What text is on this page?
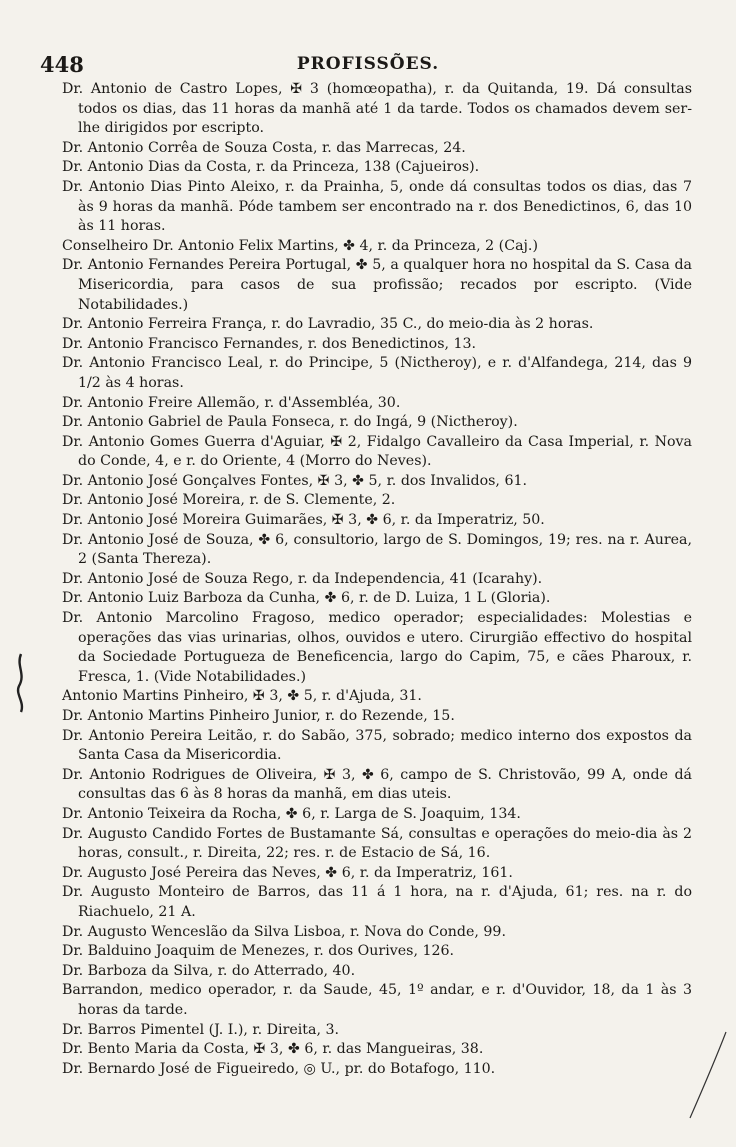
448	PROFISSÕES.

Dr. Antonio de Castro Lopes, ✠ 3 (homœopatha), r. da Quitanda, 19. Dá consultas todos os dias, das 11 horas da manhã até 1 da tarde. Todos os chamados devem ser-lhe dirigidos por escripto.

Dr. Antonio Corrêa de Souza Costa, r. das Marrecas, 24.

Dr. Antonio Dias da Costa, r. da Princeza, 138 (Cajueiros).

Dr. Antonio Dias Pinto Aleixo, r. da Prainha, 5, onde dá consultas todos os dias, das 7 às 9 horas da manhã. Póde tambem ser encontrado na r. dos Benedictinos, 6, das 10 às 11 horas.

Conselheiro Dr. Antonio Felix Martins, ✤ 4, r. da Princeza, 2 (Caj.)

Dr. Antonio Fernandes Pereira Portugal, ✤ 5, a qualquer hora no hospital da S. Casa da Misericordia, para casos de sua profissão; recados por escripto. (Vide Notabilidades.)

Dr. Antonio Ferreira França, r. do Lavradio, 35 C., do meio-dia às 2 horas.

Dr. Antonio Francisco Fernandes, r. dos Benedictinos, 13.

Dr. Antonio Francisco Leal, r. do Principe, 5 (Nictheroy), e r. d'Alfandega, 214, das 9 1/2 às 4 horas.

Dr. Antonio Freire Allemão, r. d'Assembléa, 30.

Dr. Antonio Gabriel de Paula Fonseca, r. do Ingá, 9 (Nictheroy).

Dr. Antonio Gomes Guerra d'Aguiar, ✠ 2, Fidalgo Cavalleiro da Casa Imperial, r. Nova do Conde, 4, e r. do Oriente, 4 (Morro do Neves).

Dr. Antonio José Gonçalves Fontes, ✠ 3, ✤ 5, r. dos Invalidos, 61.

Dr. Antonio José Moreira, r. de S. Clemente, 2.

Dr. Antonio José Moreira Guimarães, ✠ 3, ✤ 6, r. da Imperatriz, 50.

Dr. Antonio José de Souza, ✤ 6, consultorio, largo de S. Domingos, 19; res. na r. Aurea, 2 (Santa Thereza).

Dr. Antonio José de Souza Rego, r. da Independencia, 41 (Icarahy).

Dr. Antonio Luiz Barboza da Cunha, ✤ 6, r. de D. Luiza, 1 L (Gloria).

Dr. Antonio Marcolino Fragoso, medico operador; especialidades: Molestias e operações das vias urinarias, olhos, ouvidos e utero. Cirurgião effectivo do hospital da Sociedade Portugueza de Beneficencia, largo do Capim, 75, e cães Pharoux, r. Fresca, 1. (Vide Notabilidades.)

Antonio Martins Pinheiro, ✠ 3, ✤ 5, r. d'Ajuda, 31.

Dr. Antonio Martins Pinheiro Junior, r. do Rezende, 15.

Dr. Antonio Pereira Leitão, r. do Sabão, 375, sobrado; medico interno dos expostos da Santa Casa da Misericordia.

Dr. Antonio Rodrigues de Oliveira, ✠ 3, ✤ 6, campo de S. Christovão, 99 A, onde dá consultas das 6 às 8 horas da manhã, em dias uteis.

Dr. Antonio Teixeira da Rocha, ✤ 6, r. Larga de S. Joaquim, 134.

Dr. Augusto Candido Fortes de Bustamante Sá, consultas e operações do meio-dia às 2 horas, consult., r. Direita, 22; res. r. de Estacio de Sá, 16.

Dr. Augusto José Pereira das Neves, ✤ 6, r. da Imperatriz, 161.

Dr. Augusto Monteiro de Barros, das 11 á 1 hora, na r. d'Ajuda, 61; res. na r. do Riachuelo, 21 A.

Dr. Augusto Wenceslão da Silva Lisboa, r. Nova do Conde, 99.

Dr. Balduino Joaquim de Menezes, r. dos Ourives, 126.

Dr. Barboza da Silva, r. do Atterrado, 40.

Barrandon, medico operador, r. da Saude, 45, 1º andar, e r. d'Ouvidor, 18, da 1 às 3 horas da tarde.

Dr. Barros Pimentel (J. I.), r. Direita, 3.

Dr. Bento Maria da Costa, ✠ 3, ✤ 6, r. das Mangueiras, 38.

Dr. Bernardo José de Figueiredo, ◎ U., pr. do Botafogo, 110.
